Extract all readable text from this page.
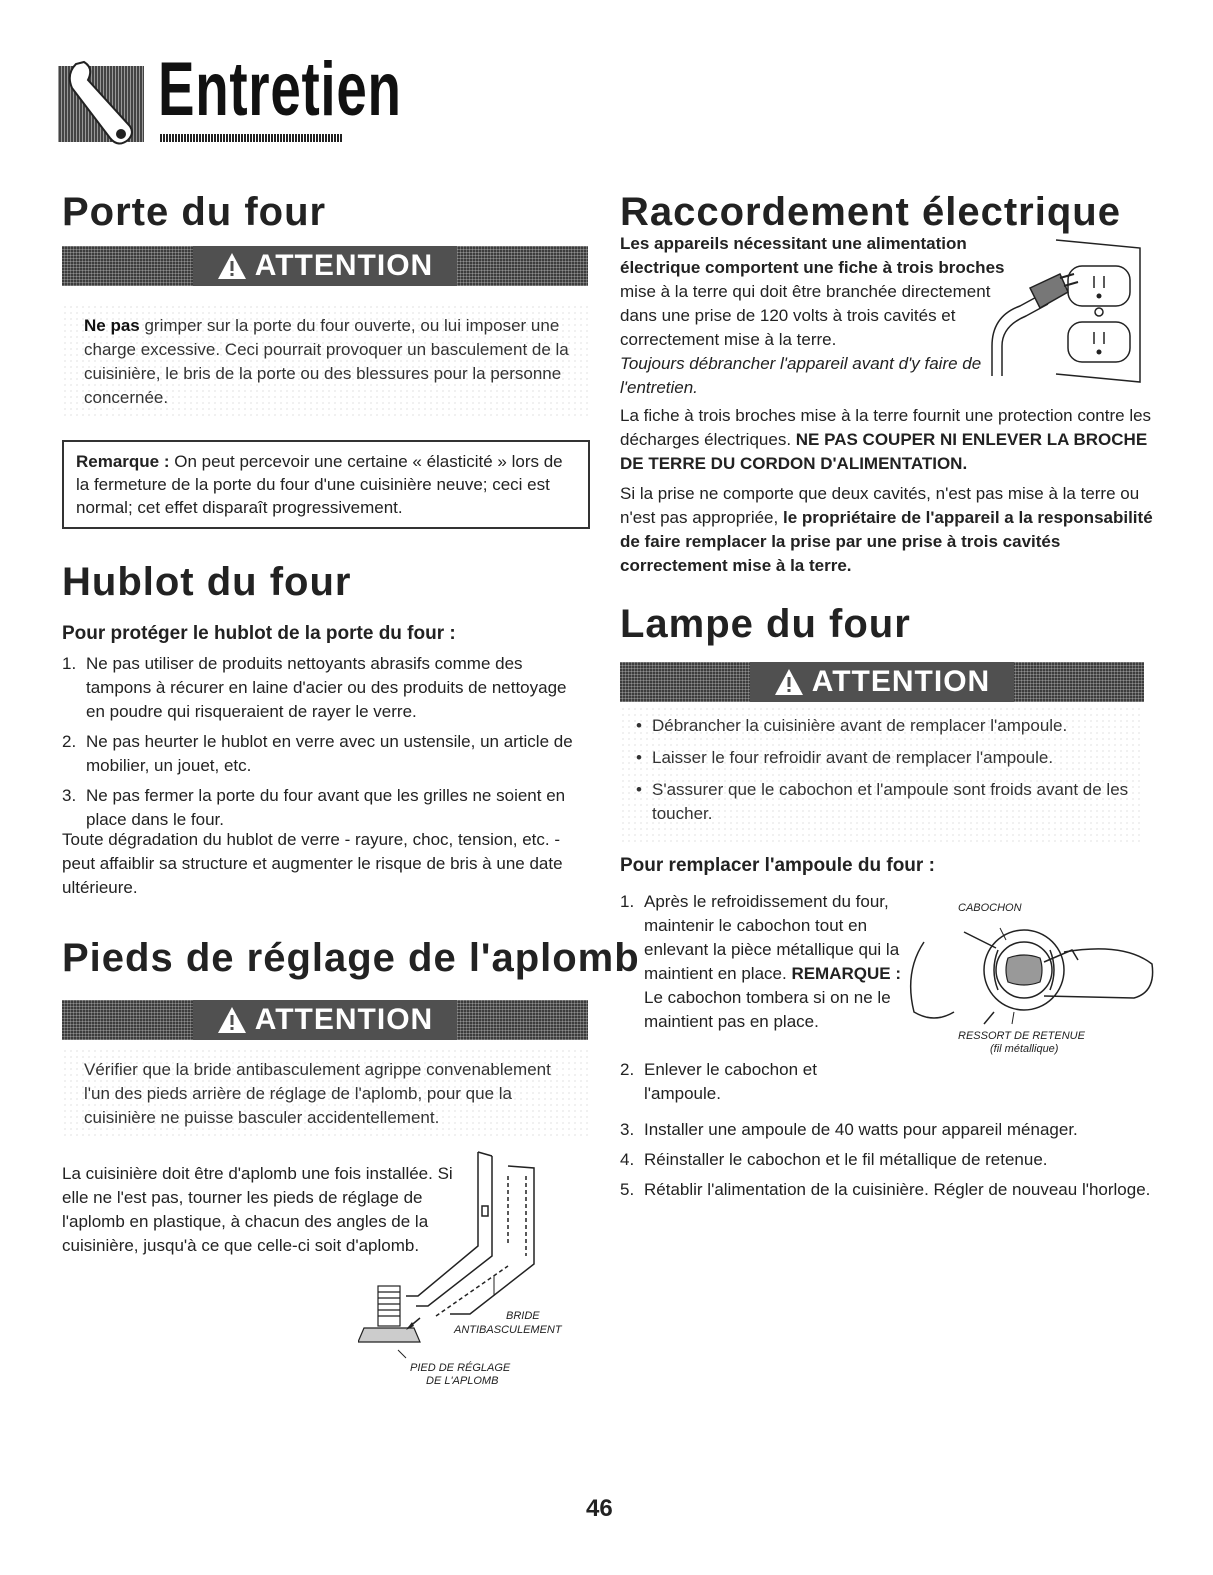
Entretien
Porte du four
ATTENTION
Ne pas grimper sur la porte du four ouverte, ou lui imposer une charge excessive. Ceci pourrait provoquer un basculement de la cuisinière, le bris de la porte ou des blessures pour la personne concernée.
Remarque : On peut percevoir une certaine « élasticité » lors de la fermeture de la porte du four d'une cuisinière neuve; ceci est normal; cet effet disparaît progressivement.
Hublot du four
Pour protéger le hublot de la porte du four :
1. Ne pas utiliser de produits nettoyants abrasifs comme des tampons à récurer en laine d'acier ou des produits de nettoyage en poudre qui risqueraient de rayer le verre.
2. Ne pas heurter le hublot en verre avec un ustensile, un article de mobilier, un jouet, etc.
3. Ne pas fermer la porte du four avant que les grilles ne soient en place dans le four.
Toute dégradation du hublot de verre - rayure, choc, tension, etc. - peut affaiblir sa structure et augmenter le risque de bris à une date ultérieure.
Pieds de réglage de l'aplomb
ATTENTION
Vérifier que la bride antibasculement agrippe convenablement l'un des pieds arrière de réglage de l'aplomb, pour que la cuisinière ne puisse basculer accidentellement.
La cuisinière doit être d'aplomb une fois installée. Si elle ne l'est pas, tourner les pieds de réglage de l'aplomb en plastique, à chacun des angles de la cuisinière, jusqu'à ce que celle-ci soit d'aplomb.
BRIDE
ANTIBASCULEMENT
PIED DE RÉGLAGE
DE L'APLOMB
Raccordement électrique
Les appareils nécessitant une alimentation électrique comportent une fiche à trois broches mise à la terre qui doit être branchée directement dans une prise de 120 volts à trois cavités et correctement mise à la terre.
Toujours débrancher l'appareil avant d'y faire de l'entretien.
La fiche à trois broches mise à la terre fournit une protection contre les décharges électriques. NE PAS COUPER NI ENLEVER LA BROCHE DE TERRE DU CORDON D'ALIMENTATION.
Si la prise ne comporte que deux cavités, n'est pas mise à la terre ou n'est pas appropriée, le propriétaire de l'appareil a la responsabilité de faire remplacer la prise par une prise à trois cavités correctement mise à la terre.
Lampe du four
ATTENTION
• Débrancher la cuisinière avant de remplacer l'ampoule.
• Laisser le four refroidir avant de remplacer l'ampoule.
• S'assurer que le cabochon et l'ampoule sont froids avant de les toucher.
Pour remplacer l'ampoule du four :
1. Après le refroidissement du four, maintenir le cabochon tout en enlevant la pièce métallique qui la maintient en place. REMARQUE : Le cabochon tombera si on ne le maintient pas en place.
2. Enlever le cabochon et l'ampoule.
3. Installer une ampoule de 40 watts pour appareil ménager.
4. Réinstaller le cabochon et le fil métallique de retenue.
5. Rétablir l'alimentation de la cuisinière. Régler de nouveau l'horloge.
CABOCHON
RESSORT DE RETENUE
(fil métallique)
46
